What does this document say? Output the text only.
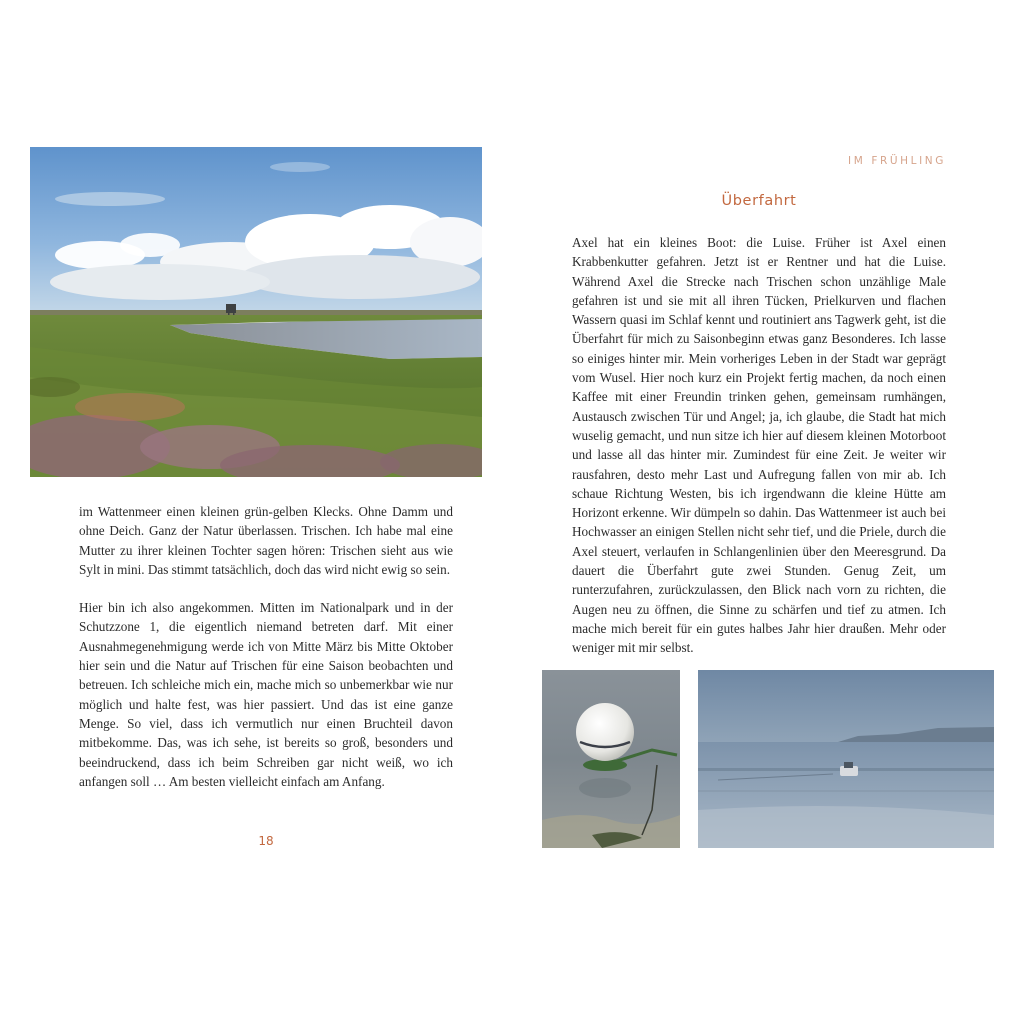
im Wattenmeer einen kleinen grün-gelben Klecks. Ohne Damm und ohne Deich. Ganz der Natur überlassen. Trischen. Ich habe mal eine Mutter zu ihrer kleinen Tochter sagen hören: Trischen sieht aus wie Sylt in mini. Das stimmt tatsächlich, doch das wird nicht ewig so sein.

Hier bin ich also angekommen. Mitten im Nationalpark und in der Schutzzone 1, die eigentlich niemand betreten darf. Mit einer Ausnahmegenehmigung werde ich von Mitte März bis Mitte Oktober hier sein und die Natur auf Trischen für eine Saison beobachten und betreuen. Ich schleiche mich ein, mache mich so unbemerkbar wie nur möglich und halte fest, was hier passiert. Und das ist eine ganze Menge. So viel, dass ich vermutlich nur einen Bruchteil davon mitbekomme. Das, was ich sehe, ist bereits so groß, besonders und beeindruckend, dass ich beim Schreiben gar nicht weiß, wo ich anfangen soll … Am besten vielleicht einfach am Anfang.

18
IM FRÜHLING
Überfahrt

Axel hat ein kleines Boot: die Luise. Früher ist Axel einen Krabbenkutter gefahren. Jetzt ist er Rentner und hat die Luise. Während Axel die Strecke nach Trischen schon unzählige Male gefahren ist und sie mit all ihren Tücken, Prielkurven und flachen Wassern quasi im Schlaf kennt und routiniert ans Tagwerk geht, ist die Überfahrt für mich zu Saisonbeginn etwas ganz Besonderes. Ich lasse so einiges hinter mir. Mein vorheriges Leben in der Stadt war geprägt vom Wusel. Hier noch kurz ein Projekt fertig machen, da noch einen Kaffee mit einer Freundin trinken gehen, gemeinsam rumhängen, Austausch zwischen Tür und Angel; ja, ich glaube, die Stadt hat mich wuselig gemacht, und nun sitze ich hier auf diesem kleinen Motorboot und lasse all das hinter mir. Zumindest für eine Zeit. Je weiter wir rausfahren, desto mehr Last und Aufregung fallen von mir ab. Ich schaue Richtung Westen, bis ich irgendwann die kleine Hütte am Horizont erkenne. Wir dümpeln so dahin. Das Wattenmeer ist auch bei Hochwasser an einigen Stellen nicht sehr tief, und die Priele, durch die Axel steuert, verlaufen in Schlangenlinien über den Meeresgrund. Da dauert die Überfahrt gute zwei Stunden. Genug Zeit, um runterzufahren, zurückzulassen, den Blick nach vorn zu richten, die Augen neu zu öffnen, die Sinne zu schärfen und tief zu atmen. Ich mache mich bereit für ein gutes halbes Jahr hier draußen. Mehr oder weniger mit mir selbst.
